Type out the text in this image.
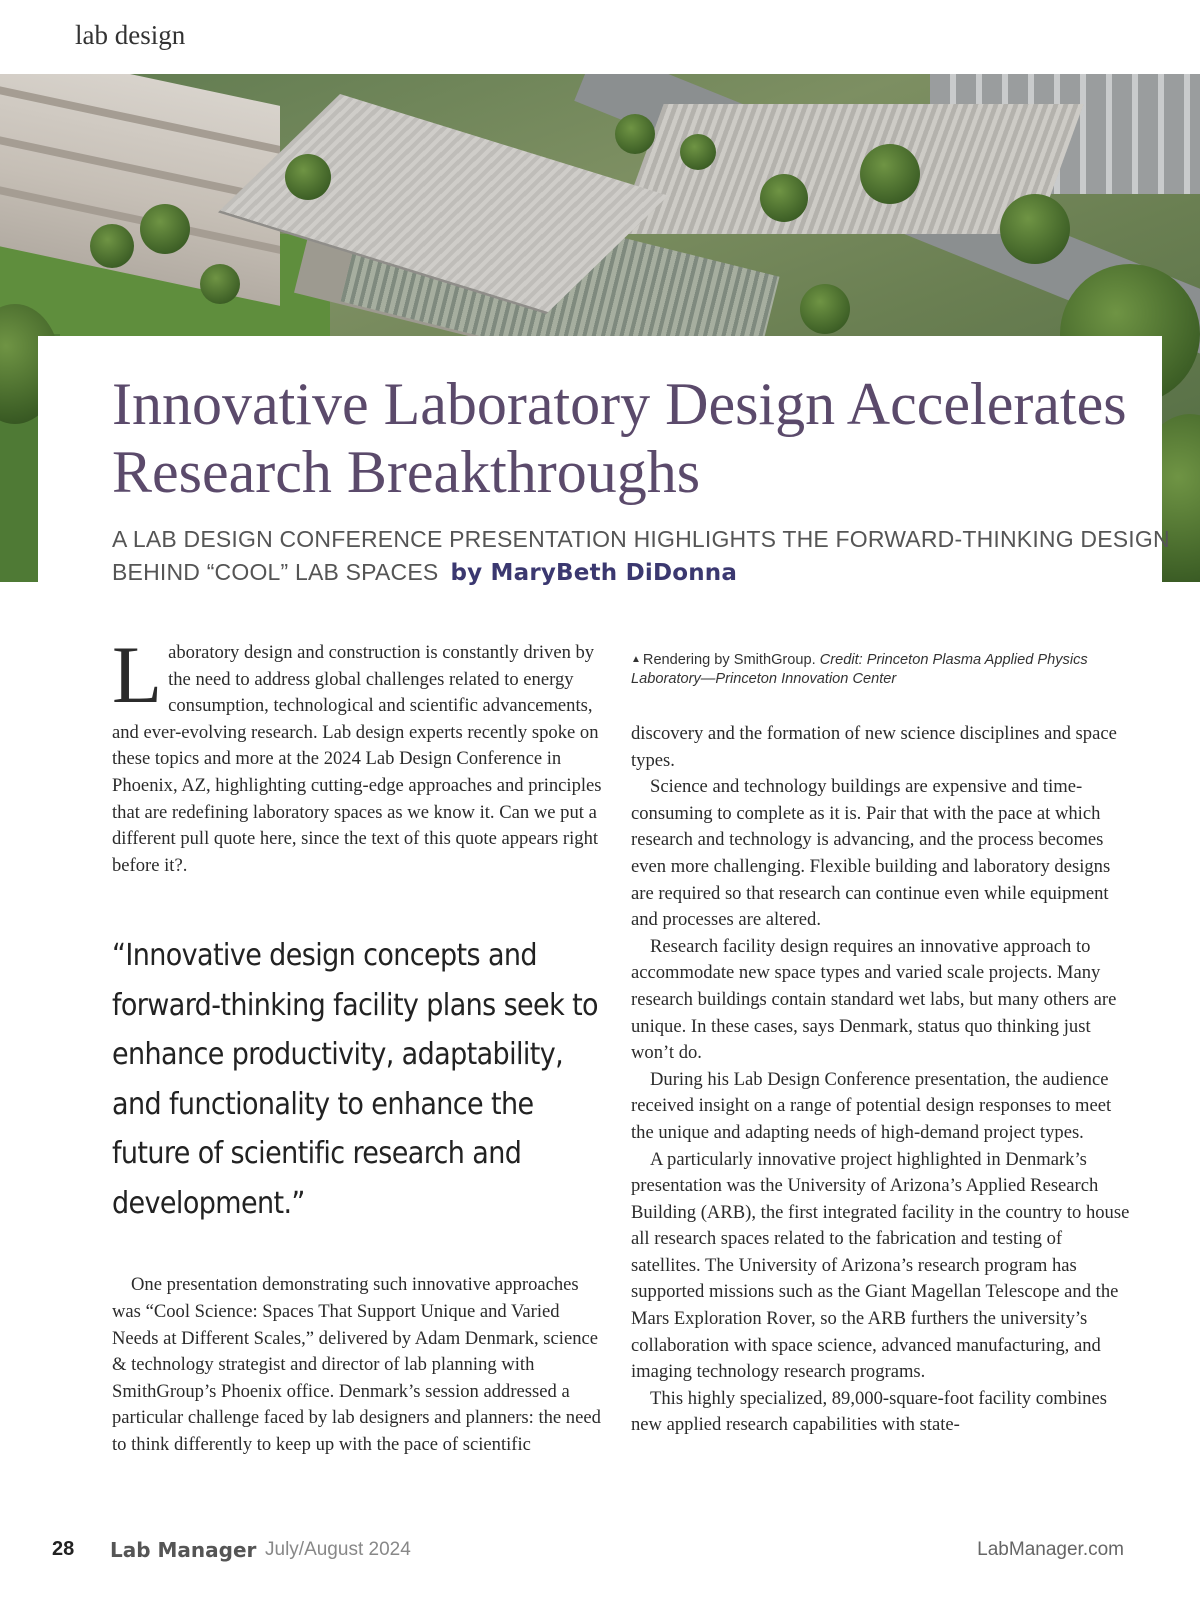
lab design
Innovative Laboratory Design Accelerates Research Breakthroughs

A LAB DESIGN CONFERENCE PRESENTATION HIGHLIGHTS THE FORWARD-THINKING DESIGN BEHIND “COOL” LAB SPACES by MaryBeth DiDonna

Laboratory design and construction is constantly driven by the need to address global challenges related to energy consumption, technological and scientific advancements, and ever-evolving research. Lab design experts recently spoke on these topics and more at the 2024 Lab Design Conference in Phoenix, AZ, highlighting cutting-edge approaches and principles that are redefining laboratory spaces as we know it. Can we put a different pull quote here, since the text of this quote appears right before it?.

“Innovative design concepts and forward-thinking facility plans seek to enhance productivity, adaptability, and functionality to enhance the future of scientific research and development.”

One presentation demonstrating such innovative approaches was “Cool Science: Spaces That Support Unique and Varied Needs at Different Scales,” delivered by Adam Denmark, science & technology strategist and director of lab planning with SmithGroup’s Phoenix office. Denmark’s session addressed a particular challenge faced by lab designers and planners: the need to think differently to keep up with the pace of scientific

▲ Rendering by SmithGroup. Credit: Princeton Plasma Applied Physics Laboratory—Princeton Innovation Center

discovery and the formation of new science disciplines and space types.

Science and technology buildings are expensive and time-consuming to complete as it is. Pair that with the pace at which research and technology is advancing, and the process becomes even more challenging. Flexible building and laboratory designs are required so that research can continue even while equipment and processes are altered.

Research facility design requires an innovative approach to accommodate new space types and varied scale projects. Many research buildings contain standard wet labs, but many others are unique. In these cases, says Denmark, status quo thinking just won’t do.

During his Lab Design Conference presentation, the audience received insight on a range of potential design responses to meet the unique and adapting needs of high-demand project types.

A particularly innovative project highlighted in Denmark’s presentation was the University of Arizona’s Applied Research Building (ARB), the first integrated facility in the country to house all research spaces related to the fabrication and testing of satellites. The University of Arizona’s research program has supported missions such as the Giant Magellan Telescope and the Mars Exploration Rover, so the ARB furthers the university’s collaboration with space science, advanced manufacturing, and imaging technology research programs.

This highly specialized, 89,000-square-foot facility combines new applied research capabilities with state-

28 Lab Manager July/August 2024	LabManager.com
